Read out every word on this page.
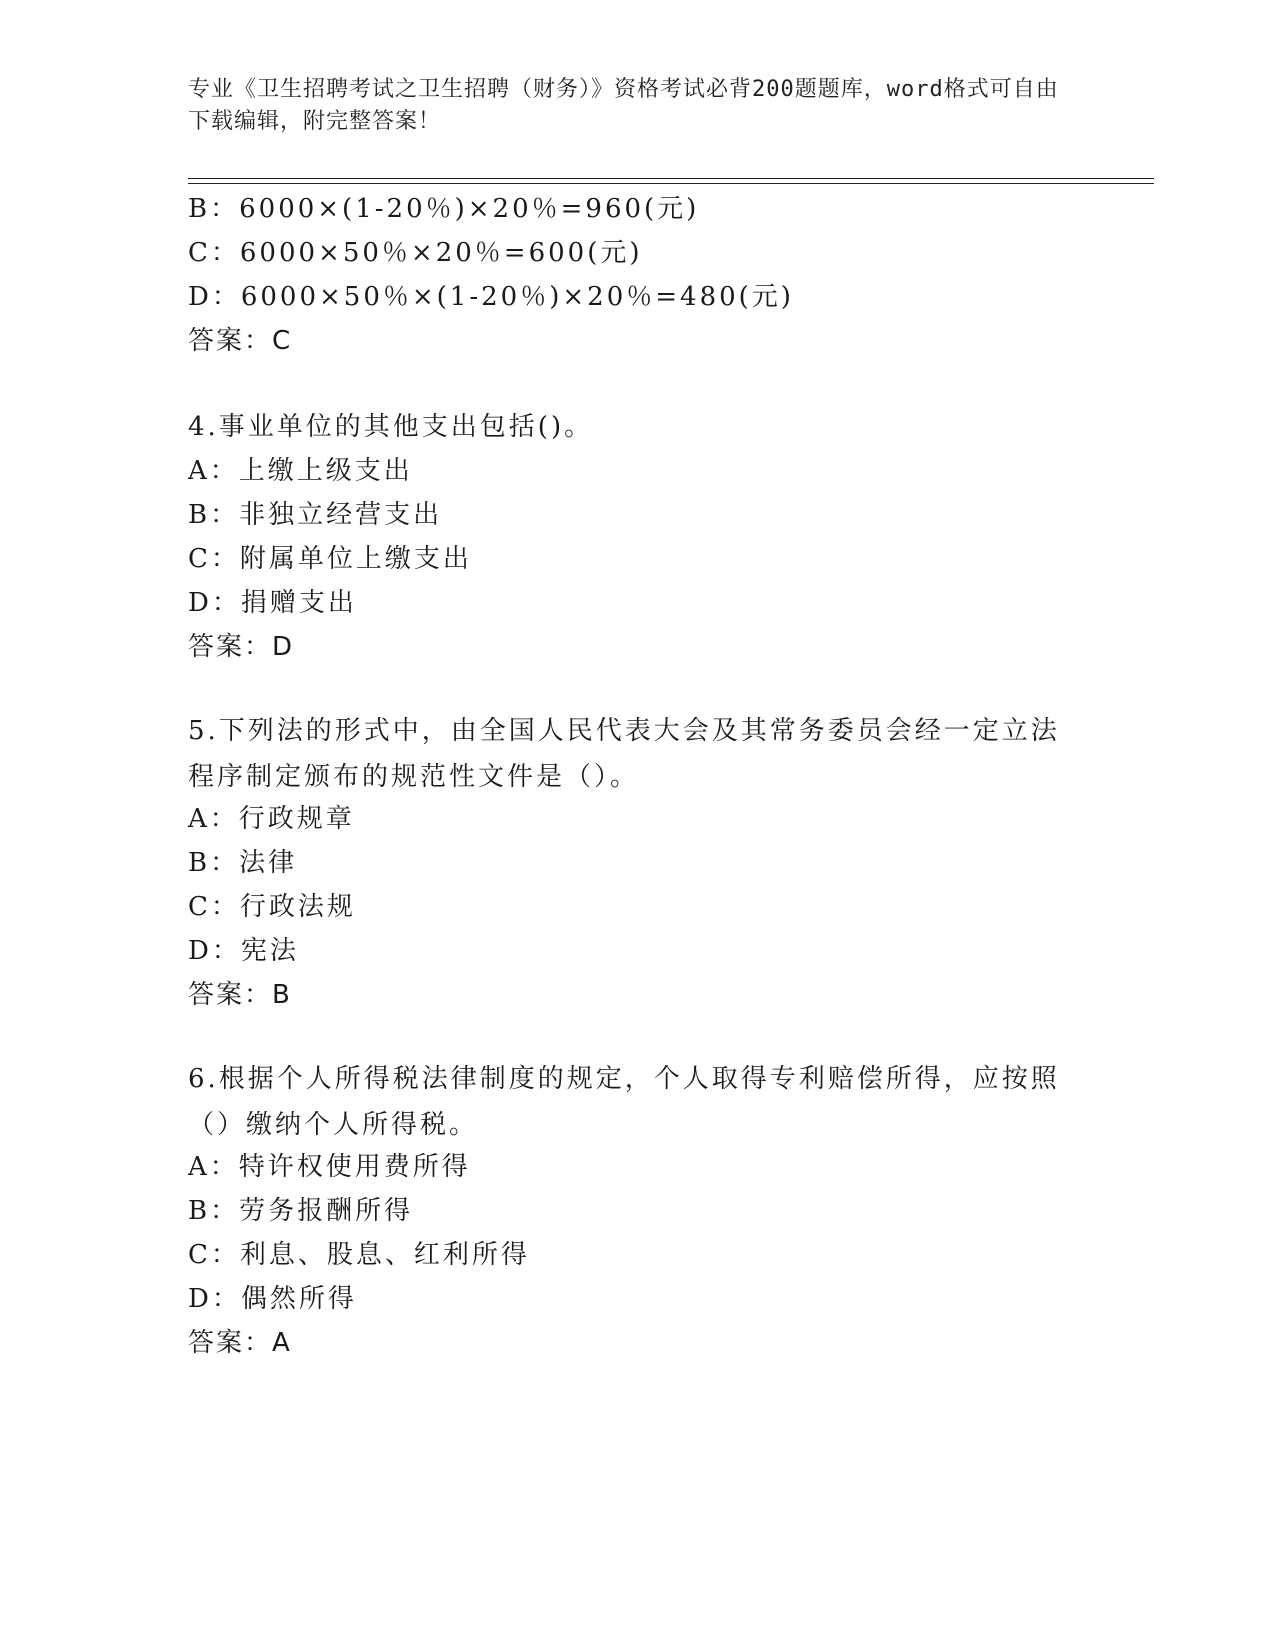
专业《卫生招聘考试之卫生招聘（财务）》资格考试必背200题题库，word格式可自由下载编辑，附完整答案！
B：6000×(1-20％)×20％=960(元)
C：6000×50％×20％=600(元)
D：6000×50％×(1-20％)×20％=480(元)
答案：C
4.事业单位的其他支出包括()。
A：上缴上级支出
B：非独立经营支出
C：附属单位上缴支出
D：捐赠支出
答案：D
5.下列法的形式中，由全国人民代表大会及其常务委员会经一定立法程序制定颁布的规范性文件是（）。
A：行政规章
B：法律
C：行政法规
D：宪法
答案：B
6.根据个人所得税法律制度的规定，个人取得专利赔偿所得，应按照（）缴纳个人所得税。
A：特许权使用费所得
B：劳务报酬所得
C：利息、股息、红利所得
D：偶然所得
答案：A
